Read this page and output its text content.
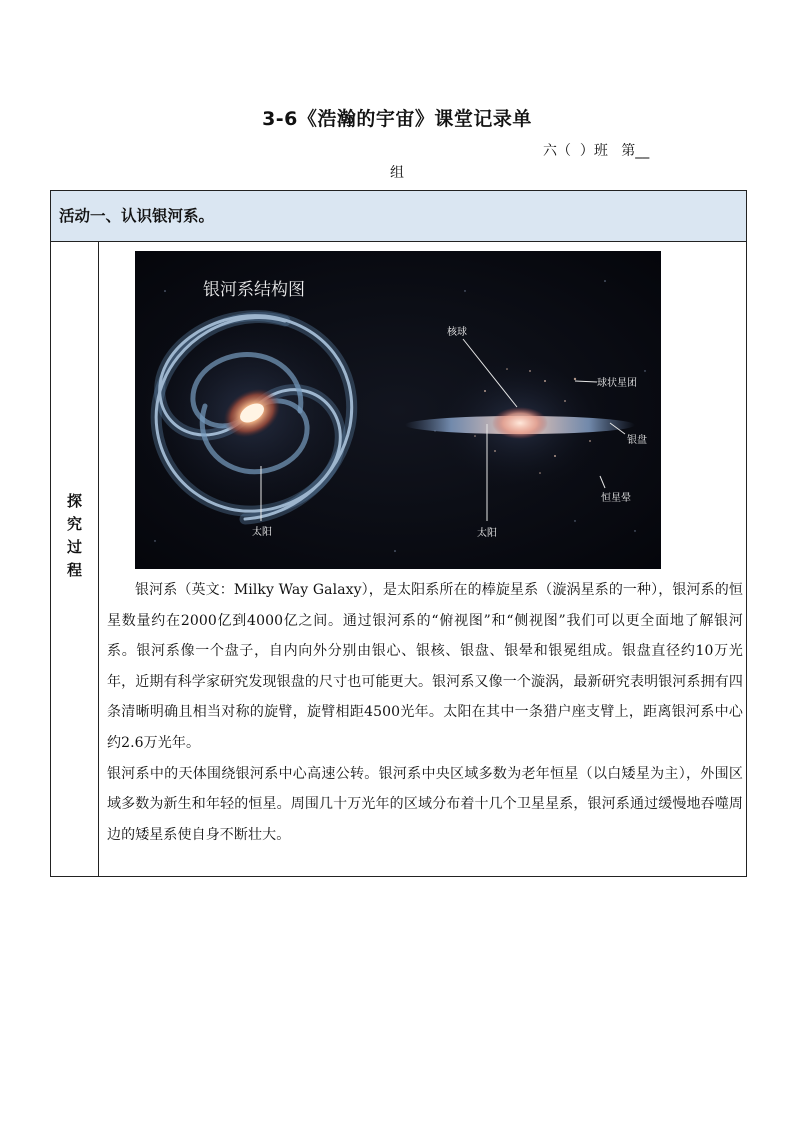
3-6《浩瀚的宇宙》课堂记录单
六（  ）班   第__
组
活动一、认识银河系。
探
究
过
程
银河系结构图
太阳
核球
球状星团
银盘
恒星晕
太阳

银河系（英文：Milky Way Galaxy），是太阳系所在的棒旋星系（漩涡星系的一种），银河系的恒星数量约在2000亿到4000亿之间。通过银河系的“俯视图”和“侧视图”我们可以更全面地了解银河系。银河系像一个盘子，自内向外分别由银心、银核、银盘、银晕和银冕组成。银盘直径约10万光年，近期有科学家研究发现银盘的尺寸也可能更大。银河系又像一个漩涡，最新研究表明银河系拥有四条清晰明确且相当对称的旋臂，旋臂相距4500光年。太阳在其中一条猎户座支臂上，距离银河系中心约2.6万光年。

银河系中的天体围绕银河系中心高速公转。银河系中央区域多数为老年恒星（以白矮星为主），外围区域多数为新生和年轻的恒星。周围几十万光年的区域分布着十几个卫星星系，银河系通过缓慢地吞噬周边的矮星系使自身不断壮大。
